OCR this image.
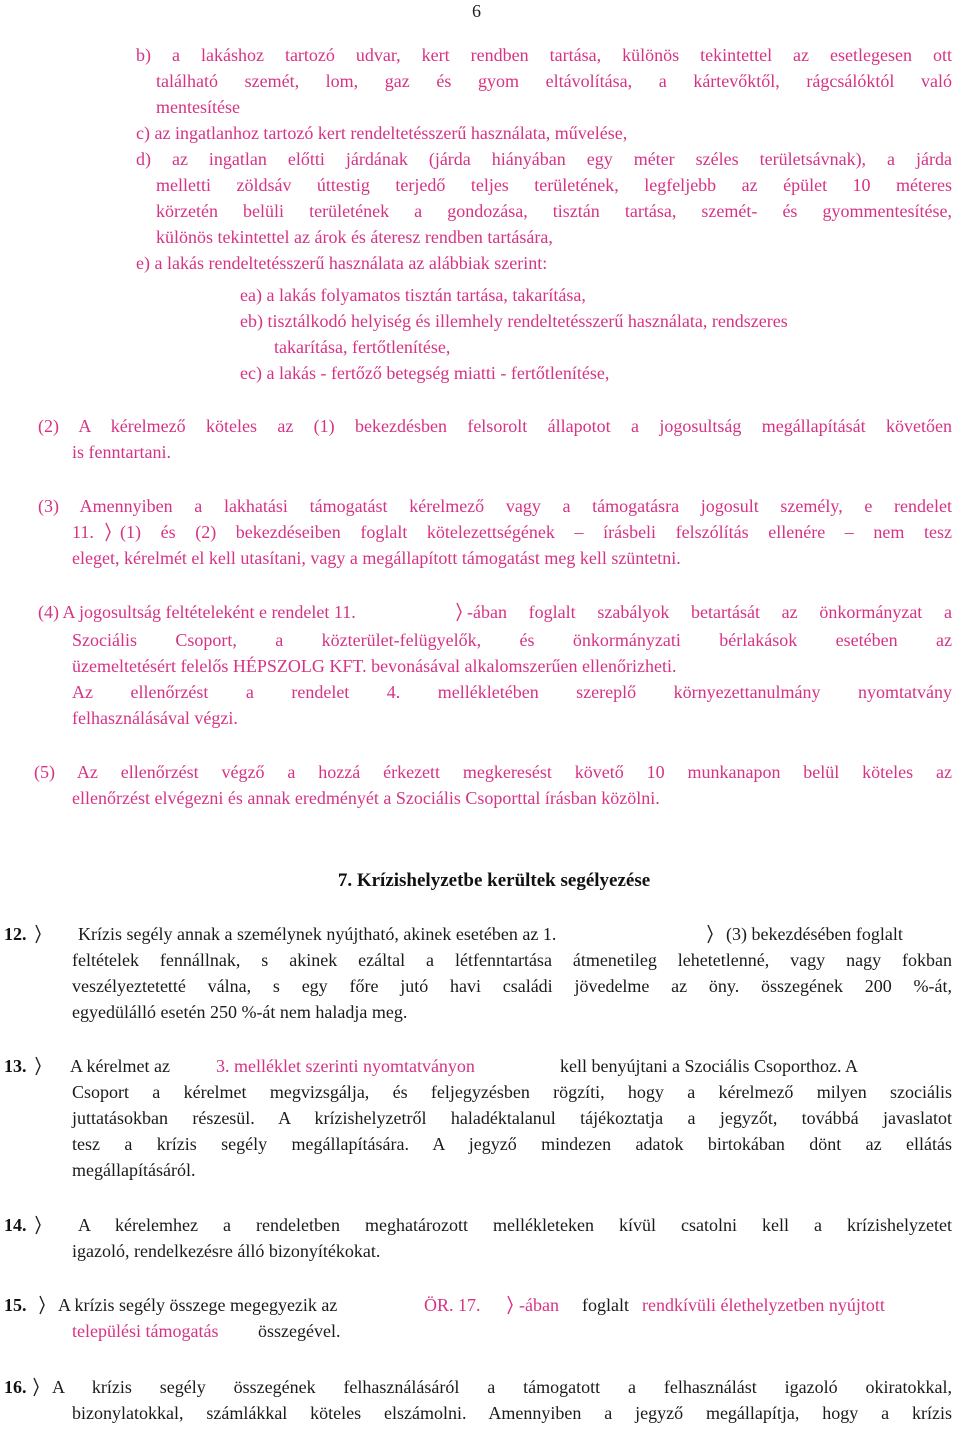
6

b) a lakáshoz tartozó udvar, kert rendben tartása, különös tekintettel az esetlegesen ott

található szemét, lom, gaz és gyom eltávolítása, a kártevőktől, rágcsálóktól való

mentesítése

c) az ingatlanhoz tartozó kert rendeltetésszerű használata, művelése,

d) az ingatlan előtti járdának (járda hiányában egy méter széles területsávnak), a járda

melletti zöldsáv úttestig terjedő teljes területének, legfeljebb az épület 10 méteres

körzetén belüli területének a gondozása, tisztán tartása, szemét- és gyommentesítése,

különös tekintettel az árok és áteresz rendben tartására,

e) a lakás rendeltetésszerű használata az alábbiak szerint:

ea) a lakás folyamatos tisztán tartása, takarítása,

eb) tisztálkodó helyiség és illemhely rendeltetésszerű használata, rendszeres

takarítása, fertőtlenítése,

ec) a lakás - fertőző betegség miatti - fertőtlenítése,

(2) A kérelmező köteles az (1) bekezdésben felsorolt állapotot a jogosultság megállapítását követően

is fenntartani.

(3) Amennyiben a lakhatási támogatást kérelmező vagy a támogatásra jogosult személy, e rendelet

11. (1) és (2) bekezdéseiben foglalt kötelezettségének – írásbeli felszólítás ellenére – nem tesz

eleget, kérelmét el kell utasítani, vagy a megállapított támogatást meg kell szüntetni.

(4) A jogosultság feltételeként e rendelet 11.	-ában foglalt szabályok betartását az önkormányzat a

Szociális Csoport, a közterület-felügyelők, és önkormányzati bérlakások esetében az

üzemeltetésért felelős HÉPSZOLG KFT. bevonásával alkalomszerűen ellenőrizheti.

Az ellenőrzést a rendelet 4. mellékletében szereplő környezettanulmány nyomtatvány

felhasználásával végzi.

(5) Az ellenőrzést végző a hozzá érkezett megkeresést követő 10 munkanapon belül köteles az

ellenőrzést elvégezni és annak eredményét a Szociális Csoporttal írásban közölni.

7. Krízishelyzetbe kerültek segélyezése
12.	Krízis segély annak a személynek nyújtható, akinek esetében az 1.	(3) bekezdésében foglalt

feltételek fennállnak, s akinek ezáltal a létfenntartása átmenetileg lehetetlenné, vagy nagy fokban

veszélyeztetetté válna, s egy főre jutó havi családi jövedelme az öny. összegének 200 %-át,

egyedülálló esetén 250 %-át nem haladja meg.

13. A kérelmet az	3. melléklet szerinti nyomtatványon	kell benyújtani a Szociális Csoporthoz. A

Csoport a kérelmet megvizsgálja, és feljegyzésben rögzíti, hogy a kérelmező milyen szociális

juttatásokban részesül. A krízishelyzetről haladéktalanul tájékoztatja a jegyzőt, továbbá javaslatot

tesz a krízis segély megállapítására. A jegyző mindezen adatok birtokában dönt az ellátás

megállapításáról.

14.	A kérelemhez a rendeletben meghatározott mellékleteken kívül csatolni kell a krízishelyzetet

igazoló, rendelkezésre álló bizonyítékokat.

15. A krízis segély összege megegyezik az	ÖR. 17. -ában foglalt rendkívüli élethelyzetben nyújtott

települési támogatás összegével.

16. A krízis segély összegének felhasználásáról a támogatott a felhasználást igazoló okiratokkal,

bizonylatokkal, számlákkal köteles elszámolni. Amennyiben a jegyző megállapítja, hogy a krízis
